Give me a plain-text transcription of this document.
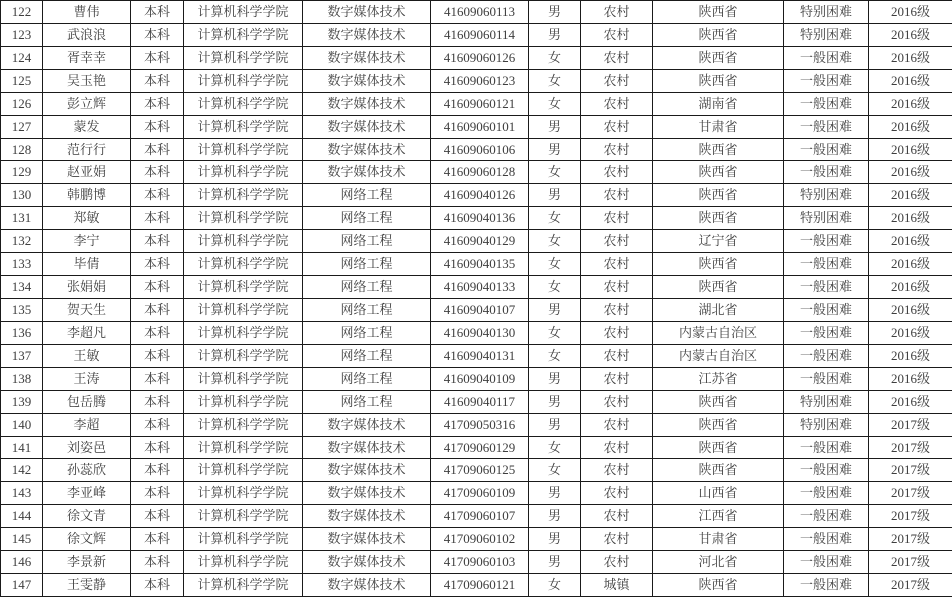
122	曹伟	本科	计算机科学学院	数字媒体技术	41609060113	男	农村	陕西省	特别困难	2016级
123	武浪浪	本科	计算机科学学院	数字媒体技术	41609060114	男	农村	陕西省	特别困难	2016级
124	胥幸幸	本科	计算机科学学院	数字媒体技术	41609060126	女	农村	陕西省	一般困难	2016级
125	吴玉艳	本科	计算机科学学院	数字媒体技术	41609060123	女	农村	陕西省	一般困难	2016级
126	彭立辉	本科	计算机科学学院	数字媒体技术	41609060121	女	农村	湖南省	一般困难	2016级
127	蒙发	本科	计算机科学学院	数字媒体技术	41609060101	男	农村	甘肃省	一般困难	2016级
128	范行行	本科	计算机科学学院	数字媒体技术	41609060106	男	农村	陕西省	一般困难	2016级
129	赵亚娟	本科	计算机科学学院	数字媒体技术	41609060128	女	农村	陕西省	一般困难	2016级
130	韩鹏博	本科	计算机科学学院	网络工程	41609040126	男	农村	陕西省	特别困难	2016级
131	郑敏	本科	计算机科学学院	网络工程	41609040136	女	农村	陕西省	特别困难	2016级
132	李宁	本科	计算机科学学院	网络工程	41609040129	女	农村	辽宁省	一般困难	2016级
133	毕倩	本科	计算机科学学院	网络工程	41609040135	女	农村	陕西省	一般困难	2016级
134	张娟娟	本科	计算机科学学院	网络工程	41609040133	女	农村	陕西省	一般困难	2016级
135	贺天生	本科	计算机科学学院	网络工程	41609040107	男	农村	湖北省	一般困难	2016级
136	李超凡	本科	计算机科学学院	网络工程	41609040130	女	农村	内蒙古自治区	一般困难	2016级
137	王敏	本科	计算机科学学院	网络工程	41609040131	女	农村	内蒙古自治区	一般困难	2016级
138	王涛	本科	计算机科学学院	网络工程	41609040109	男	农村	江苏省	一般困难	2016级
139	包岳腾	本科	计算机科学学院	网络工程	41609040117	男	农村	陕西省	特别困难	2016级
140	李超	本科	计算机科学学院	数字媒体技术	41709050316	男	农村	陕西省	特别困难	2017级
141	刘姿邑	本科	计算机科学学院	数字媒体技术	41709060129	女	农村	陕西省	一般困难	2017级
142	孙蕊欣	本科	计算机科学学院	数字媒体技术	41709060125	女	农村	陕西省	一般困难	2017级
143	李亚峰	本科	计算机科学学院	数字媒体技术	41709060109	男	农村	山西省	一般困难	2017级
144	徐文青	本科	计算机科学学院	数字媒体技术	41709060107	男	农村	江西省	一般困难	2017级
145	徐文辉	本科	计算机科学学院	数字媒体技术	41709060102	男	农村	甘肃省	一般困难	2017级
146	李景新	本科	计算机科学学院	数字媒体技术	41709060103	男	农村	河北省	一般困难	2017级
147	王雯静	本科	计算机科学学院	数字媒体技术	41709060121	女	城镇	陕西省	一般困难	2017级
